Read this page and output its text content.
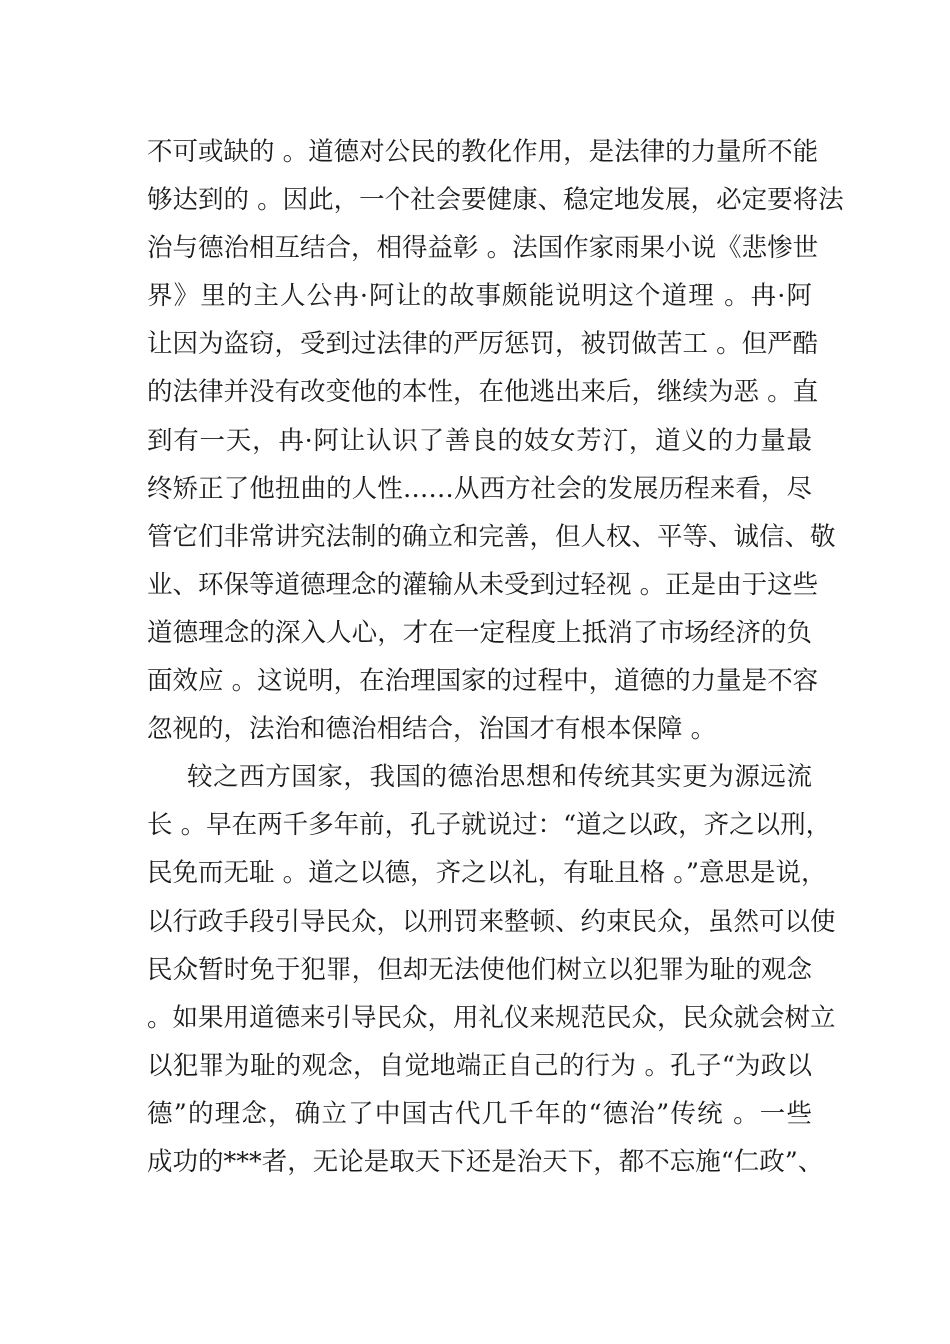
不可或缺的 。道德对公民的教化作用，是法律的力量所不能
够达到的 。因此，一个社会要健康、稳定地发展，必定要将法
治与德治相互结合，相得益彰 。法国作家雨果小说《悲惨世
界》里的主人公冉·阿让的故事颇能说明这个道理 。冉·阿
让因为盗窃，受到过法律的严厉惩罚，被罚做苦工 。但严酷
的法律并没有改变他的本性，在他逃出来后，继续为恶 。直
到有一天，冉·阿让认识了善良的妓女芳汀，道义的力量最
终矫正了他扭曲的人性……从西方社会的发展历程来看，尽
管它们非常讲究法制的确立和完善，但人权、平等、诚信、敬
业、环保等道德理念的灌输从未受到过轻视 。正是由于这些
道德理念的深入人心，才在一定程度上抵消了市场经济的负
面效应 。这说明，在治理国家的过程中，道德的力量是不容
忽视的，法治和德治相结合，治国才有根本保障 。
较之西方国家，我国的德治思想和传统其实更为源远流
长 。早在两千多年前，孔子就说过：“道之以政，齐之以刑，
民免而无耻 。道之以德，齐之以礼，有耻且格 。”意思是说，
以行政手段引导民众，以刑罚来整顿、约束民众，虽然可以使
民众暂时免于犯罪，但却无法使他们树立以犯罪为耻的观念
。如果用道德来引导民众，用礼仪来规范民众，民众就会树立
以犯罪为耻的观念，自觉地端正自己的行为 。孔子“为政以
德”的理念，确立了中国古代几千年的“德治”传统 。一些
成功的***者，无论是取天下还是治天下，都不忘施“仁政”、
